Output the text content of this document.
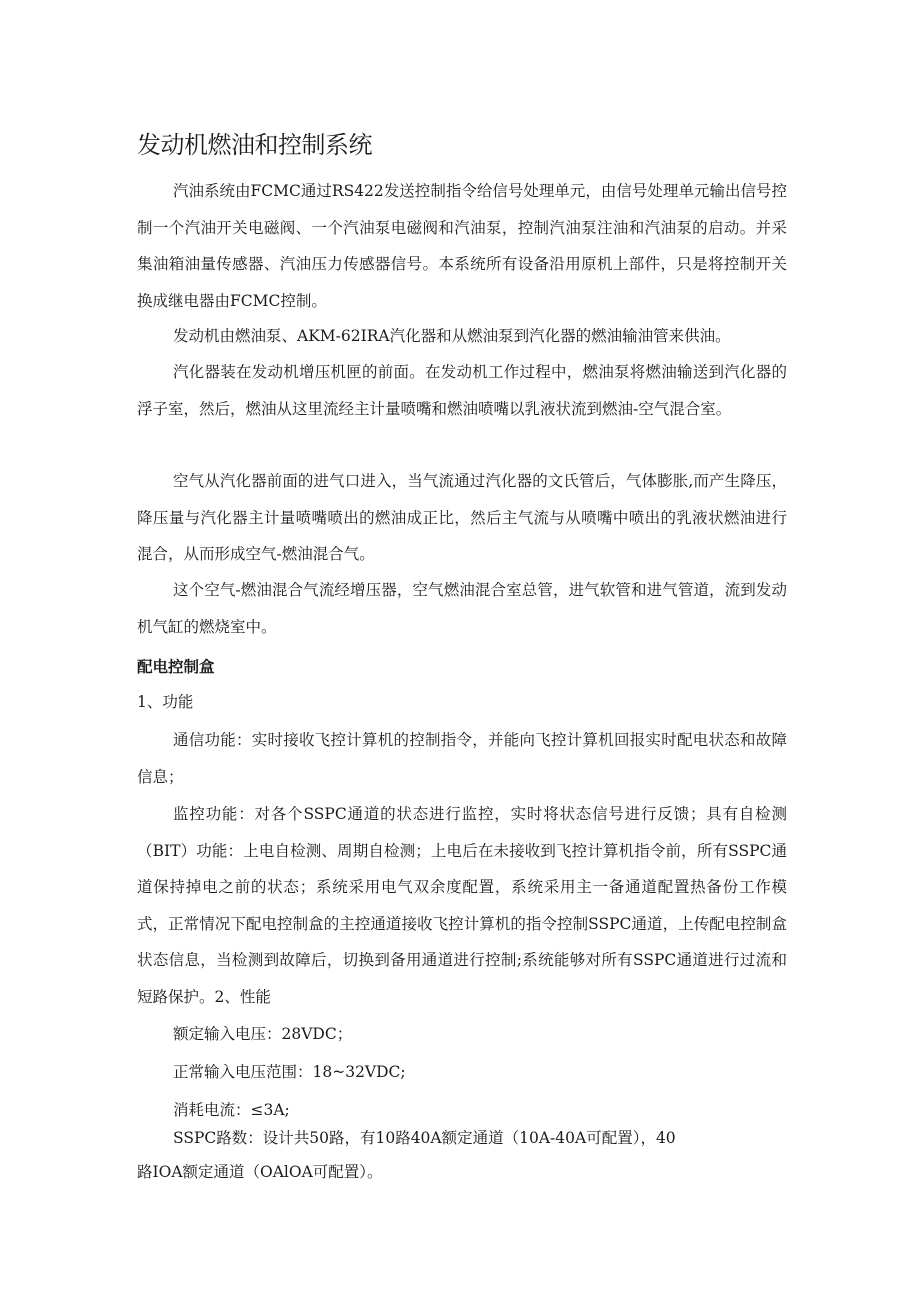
发动机燃油和控制系统

汽油系统由FCMC通过RS422发送控制指令给信号处理单元，由信号处理单元输出信号控制一个汽油开关电磁阀、一个汽油泵电磁阀和汽油泵，控制汽油泵注油和汽油泵的启动。并采集油箱油量传感器、汽油压力传感器信号。本系统所有设备沿用原机上部件，只是将控制开关换成继电器由FCMC控制。

发动机由燃油泵、AKM-62IRA汽化器和从燃油泵到汽化器的燃油输油管来供油。

汽化器装在发动机增压机匣的前面。在发动机工作过程中，燃油泵将燃油输送到汽化器的浮子室，然后，燃油从这里流经主计量喷嘴和燃油喷嘴以乳液状流到燃油-空气混合室。

空气从汽化器前面的进气口进入，当气流通过汽化器的文氏管后，气体膨胀,而产生降压，降压量与汽化器主计量喷嘴喷出的燃油成正比，然后主气流与从喷嘴中喷出的乳液状燃油进行混合，从而形成空气-燃油混合气。

这个空气-燃油混合气流经增压器，空气燃油混合室总管，进气软管和进气管道，流到发动机气缸的燃烧室中。

配电控制盒

1、功能

通信功能：实时接收飞控计算机的控制指令，并能向飞控计算机回报实时配电状态和故障信息；

监控功能：对各个SSPC通道的状态进行监控，实时将状态信号进行反馈；具有自检测（BIT）功能：上电自检测、周期自检测；上电后在未接收到飞控计算机指令前，所有SSPC通道保持掉电之前的状态；系统采用电气双余度配置，系统采用主一备通道配置热备份工作模式，正常情况下配电控制盒的主控通道接收飞控计算机的指令控制SSPC通道，上传配电控制盒状态信息，当检测到故障后，切换到备用通道进行控制;系统能够对所有SSPC通道进行过流和短路保护。2、性能

额定输入电压：28VDC；

正常输入电压范围：18~32VDC;

消耗电流：≤3A;

SSPC路数：设计共50路，有10路40A额定通道（10A-40A可配置），40

路IOA额定通道（OAlOA可配置）。
